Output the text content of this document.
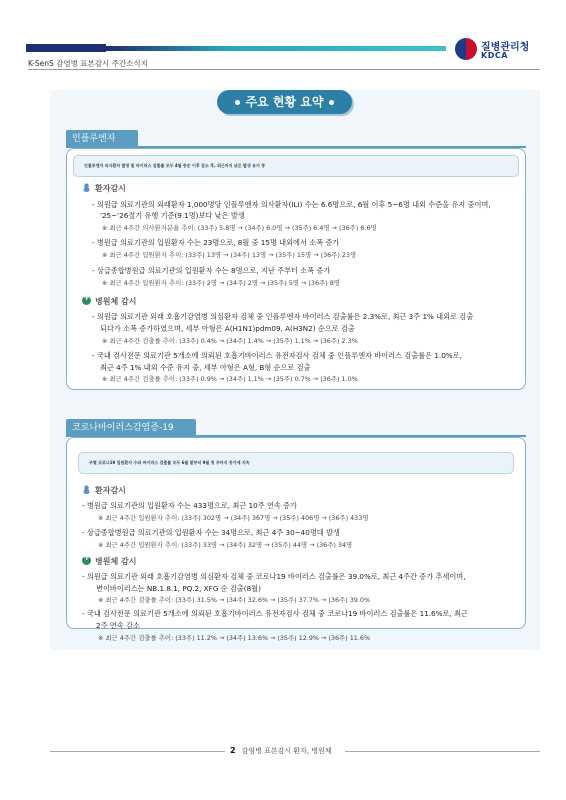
질병관리청
KDCA
K-SenS 감염병 표본감시 주간소식지
주요 현황 요약
인플루엔자
인플루엔자 의사환자 발생 및 바이러스 검출률 모두 4월 중순 이후 감소 후, 최근까지 낮은 발생 유지 중
환자감시
- 의원급 의료기관의 외래환자 1,000명당 인플루엔자 의사환자(ILI) 수는 6.6명으로, 6월 이후 5~6명 내외 수준을 유지 중이며,
'25~'26절기 유행 기준(9.1명)보다 낮은 발생
※ 최근 4주간 의사환자분율 추이: (33주) 5.8명 → (34주) 6.0명 → (35주) 6.4명 → (36주) 6.6명
- 병원급 의료기관의 입원환자 수는 23명으로, 8월 중 15명 내외에서 소폭 증가
※ 최근 4주간 입원환자 추이: (33주) 13명 → (34주) 13명 → (35주) 15명 → (36주) 23명
- 상급종합병원급 의료기관의 입원환자 수는 8명으로, 지난 주부터 소폭 증가
※ 최근 4주간 입원환자 추이: (33주) 2명 → (34주) 2명 → (35주) 5명 → (36주) 8명
+병원체 감시
- 의원급 의료기관 외래 호흡기감염병 의심환자 검체 중 인플루엔자 바이러스 검출률은 2.3%로, 최근 3주 1% 내외로 검출
되다가 소폭 증가하였으며, 세부 아형은 A(H1N1)pdm09, A(H3N2) 순으로 검출
※ 최근 4주간 검출률 추이: (33주) 0.4% → (34주) 1.4% → (35주) 1.1% → (36주) 2.3%
- 국내 검사전문 의료기관 5개소에 의뢰된 호흡기바이러스 유전자검사 검체 중 인플루엔자 바이러스 검출률은 1.0%로,
최근 4주 1% 내외 수준 유지 중, 세부 아형은 A형, B형 순으로 검출
※ 최근 4주간 검출률 추이: (33주) 0.9% → (34주) 1.1% → (35주) 0.7% → (36주) 1.0%
코로나바이러스감염증-19
주별 코로나19 입원환자 수와 바이러스 검출률 모두 6월 말부터 9월 첫 주까지 증가세 지속
환자감시
- 병원급 의료기관의 입원환자 수는 433명으로, 최근 10주 연속 증가
※ 최근 4주간 입원환자 추이: (33주) 302명 → (34주) 367명 → (35주) 406명 → (36주) 433명
- 상급종합병원급 의료기관의 입원환자 수는 34명으로, 최근 4주 30~40명대 발생
※ 최근 4주간 입원환자 추이: (33주) 33명 → (34주) 32명 → (35주) 44명 → (36주) 34명
+병원체 감시
- 의원급 의료기관 외래 호흡기감염병 의심환자 검체 중 코로나19 바이러스 검출률은 39.0%로, 최근 4주간 증가 추세이며,
변이바이러스는 NB.1.8.1, PQ.2, XFG 순 검출(8월)
※ 최근 4주간 검출률 추이: (33주) 31.5% → (34주) 32.6% → (35주) 37.7% → (36주) 39.0%
- 국내 검사전문 의료기관 5개소에 의뢰된 호흡기바이러스 유전자검사 검체 중 코로나19 바이러스 검출률은 11.6%로, 최근
2주 연속 감소
※ 최근 4주간 검출률 추이: (33주) 11.2% → (34주) 13.6% → (35주) 12.9% → (36주) 11.6%
2 감염병 표본감시 환자, 병원체
